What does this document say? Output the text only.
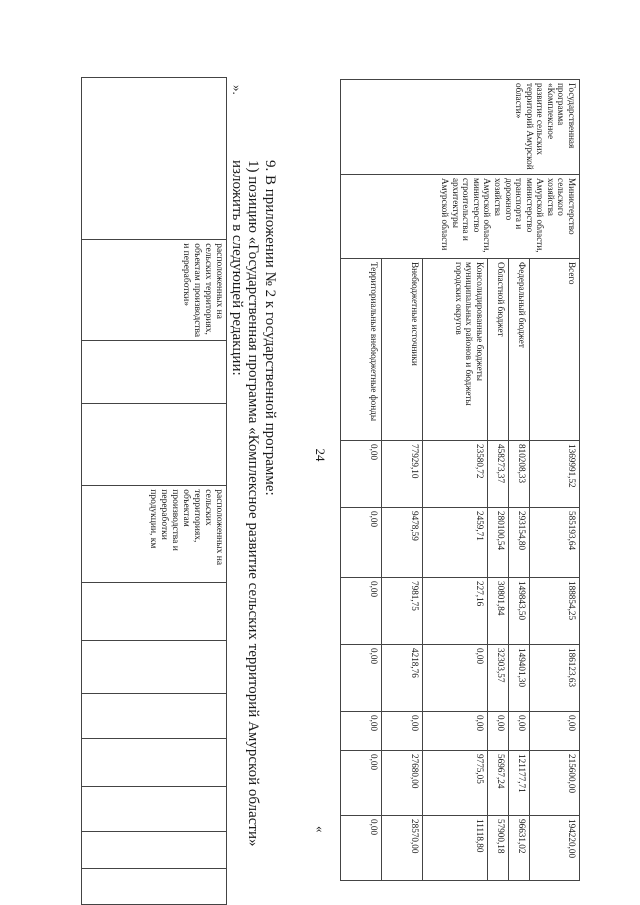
24
	расположенных на сельских территориях, объектам производства и переработки»			расположенных на сельских территориях, объектам производства и переработки продукции, км							
».
9. В приложении № 2 к государственной программе:
1) позицию «Государственная программа «Комплексное развитие сельских территорий Амурской области»
изложить в следующей редакции:
«
Государственная программа «Комплексное развитие сельских территорий Амурской области»	Министерство сельского хозяйства Амурской области, министерство транспорта и дорожного хозяйства Амурской области, министерство строительства и архитектуры Амурской области	Всего	1369991,52	585193,64	188854,25	186123,63	0,00	215600,00	194220,00
		Федеральный бюджет	810208,33	293154,80	149843,50	149401,30	0,00	121177,71	96631,02
		Областной бюджет	458273,37	280100,54	30801,84	32303,57	0,00	56967,24	57900,18
		Консолидированные бюджеты муниципальных районов и бюджеты городских округов	23580,72	2459,71	227,16	0,00	0,00	9775,05	11118,80
		Внебюджетные источники	77929,10	9478,59	7981,75	4218,76	0,00	27680,00	28570,00
		Территориальные внебюджетные фонды	0,00	0,00	0,00	0,00	0,00	0,00	0,00
